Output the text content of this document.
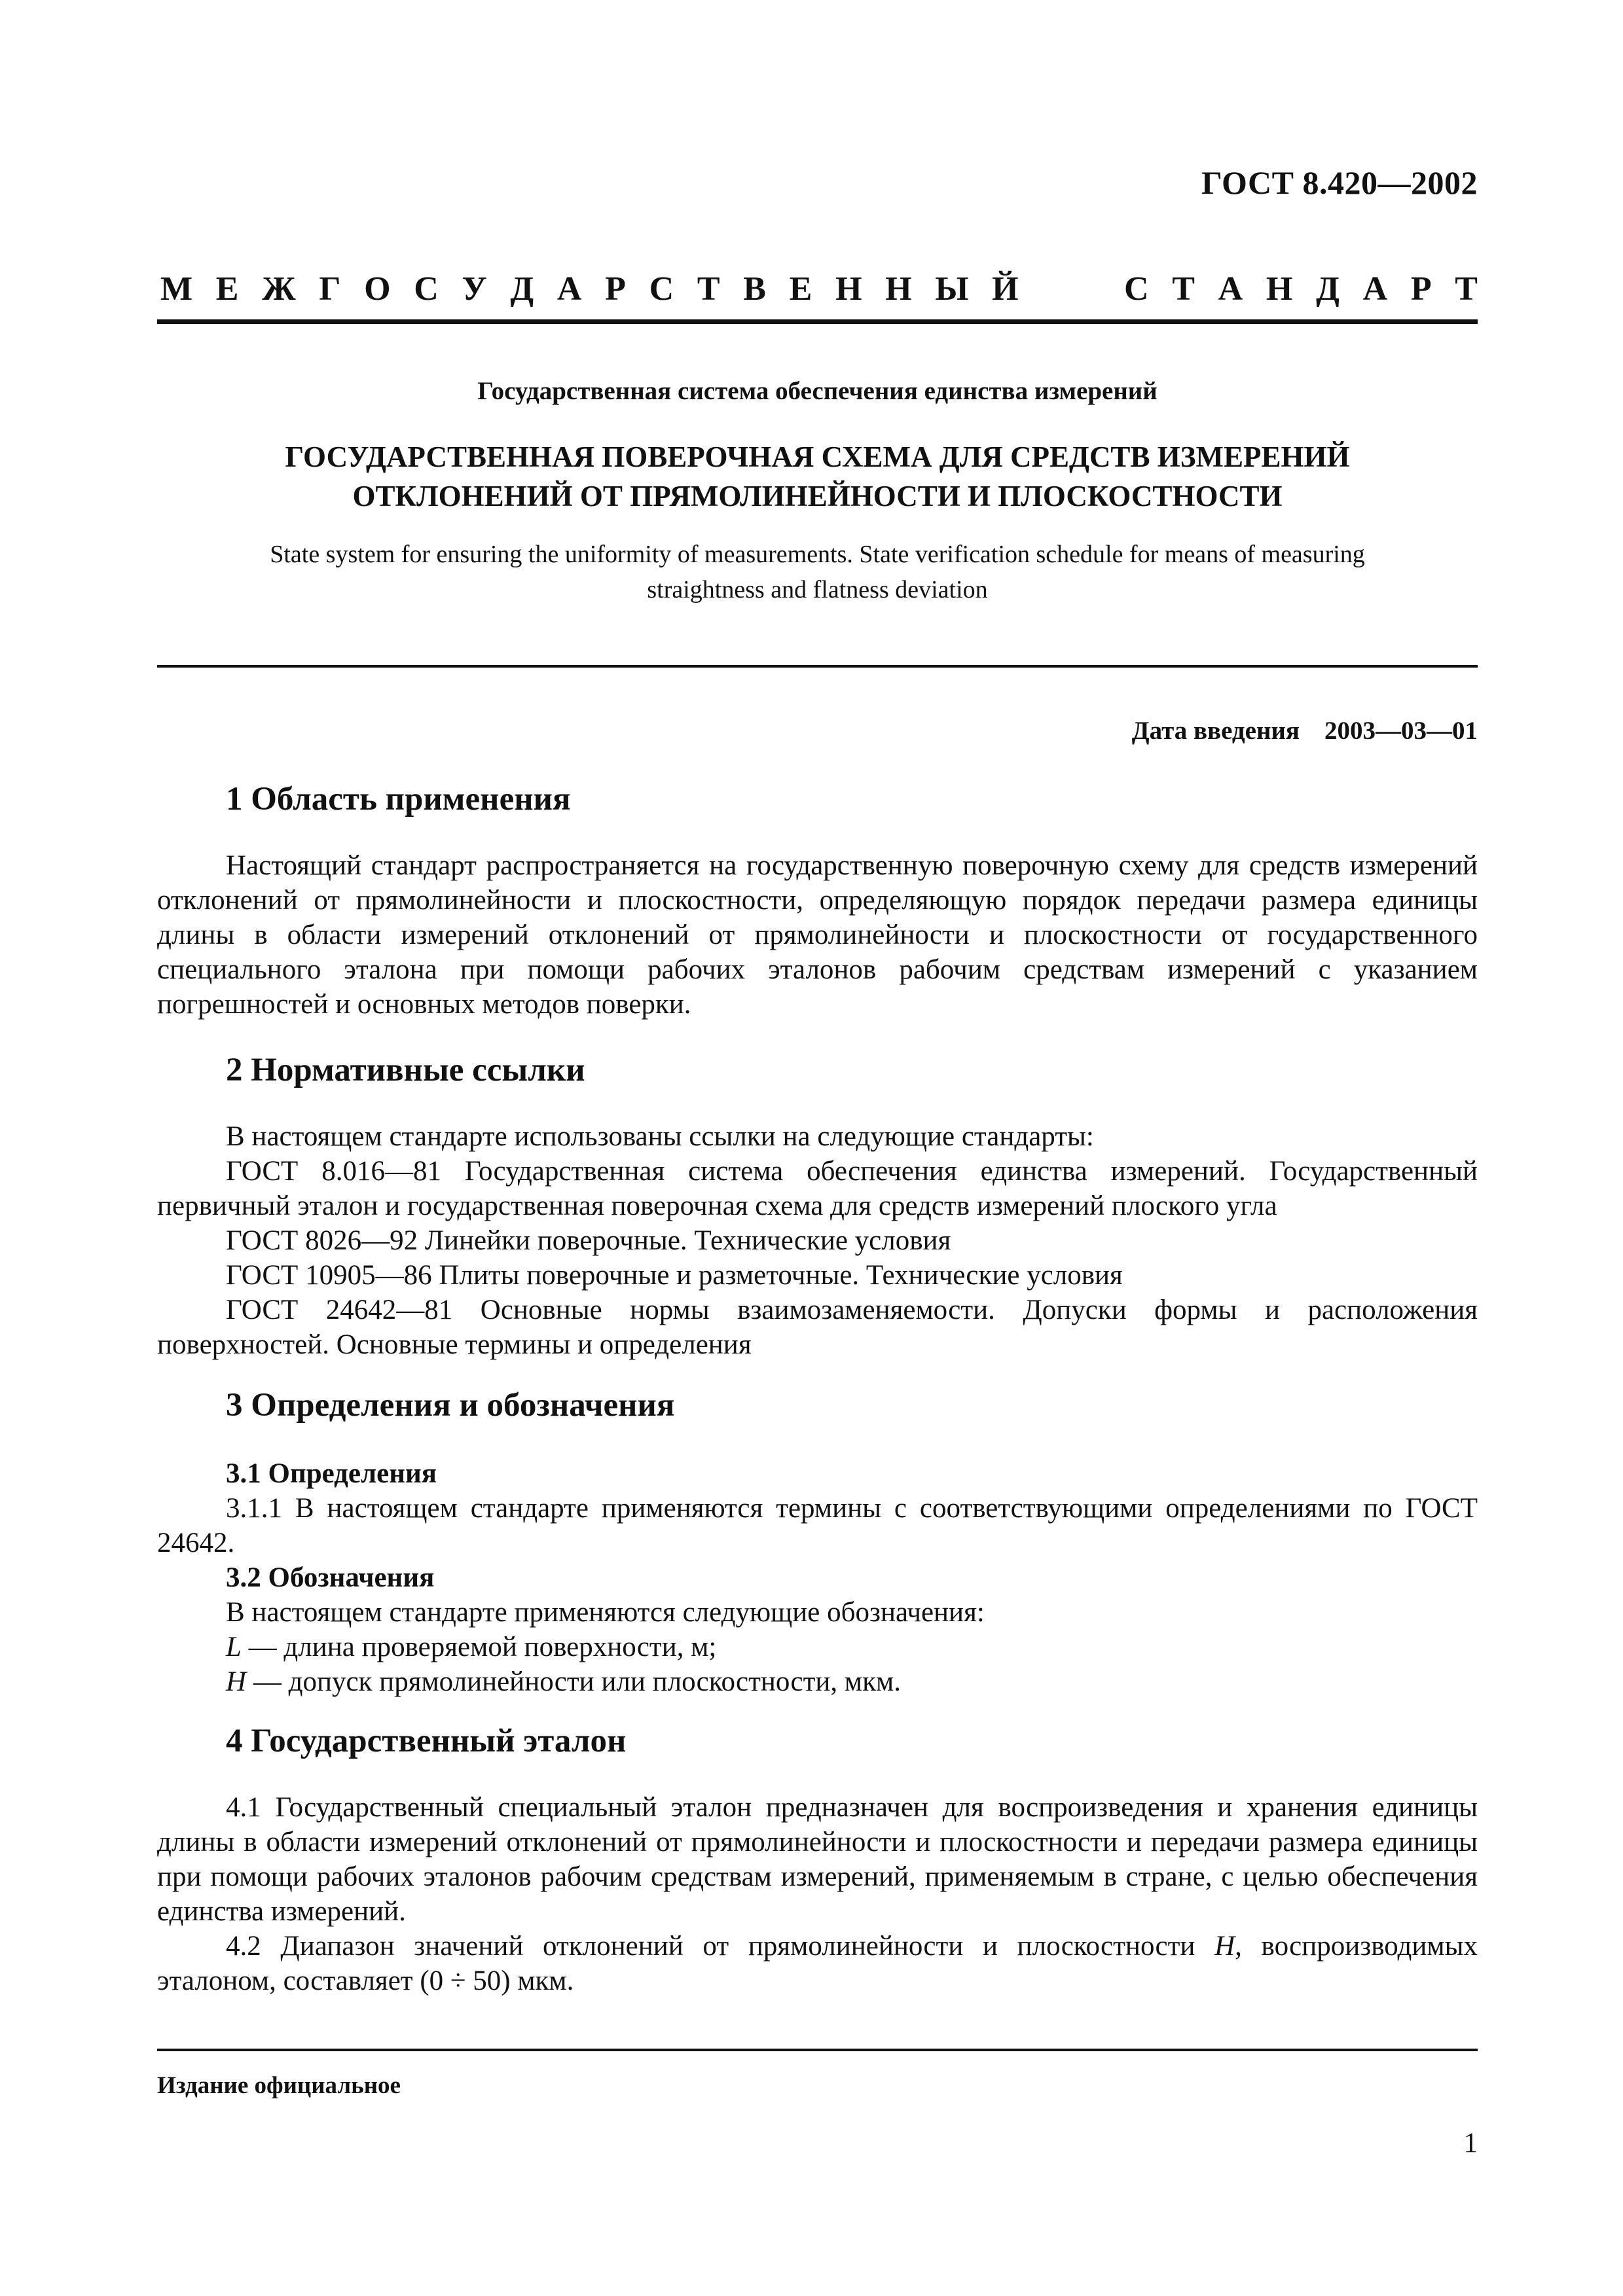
ГОСТ 8.420—2002
М Е Ж Г О С У Д А Р С Т В Е Н Н Ы Й	С Т А Н Д А Р Т
Государственная система обеспечения единства измерений
ГОСУДАРСТВЕННАЯ ПОВЕРОЧНАЯ СХЕМА ДЛЯ СРЕДСТВ ИЗМЕРЕНИЙ
ОТКЛОНЕНИЙ ОТ ПРЯМОЛИНЕЙНОСТИ И ПЛОСКОСТНОСТИ
State system for ensuring the uniformity of measurements. State verification schedule for means of measuring
straightness and flatness deviation
Дата введения 2003—03—01
1 Область применения

Настоящий стандарт распространяется на государственную поверочную схему для средств измерений отклонений от прямолинейности и плоскостности, определяющую порядок передачи размера единицы длины в области измерений отклонений от прямолинейности и плоскостности от государственного специального эталона при помощи рабочих эталонов рабочим средствам измерений с указанием погрешностей и основных методов поверки.

2 Нормативные ссылки

В настоящем стандарте использованы ссылки на следующие стандарты:

ГОСТ 8.016—81 Государственная система обеспечения единства измерений. Государственный первичный эталон и государственная поверочная схема для средств измерений плоского угла

ГОСТ 8026—92 Линейки поверочные. Технические условия

ГОСТ 10905—86 Плиты поверочные и разметочные. Технические условия

ГОСТ 24642—81 Основные нормы взаимозаменяемости. Допуски формы и расположения поверхностей. Основные термины и определения

3 Определения и обозначения

3.1 Определения

3.1.1 В настоящем стандарте применяются термины с соответствующими определениями по ГОСТ 24642.

3.2 Обозначения

В настоящем стандарте применяются следующие обозначения:

L — длина проверяемой поверхности, м;

H — допуск прямолинейности или плоскостности, мкм.

4 Государственный эталон

4.1 Государственный специальный эталон предназначен для воспроизведения и хранения единицы длины в области измерений отклонений от прямолинейности и плоскостности и передачи размера единицы при помощи рабочих эталонов рабочим средствам измерений, применяемым в стране, с целью обеспечения единства измерений.

4.2 Диапазон значений отклонений от прямолинейности и плоскостности H, воспроизводимых эталоном, составляет (0 ÷ 50) мкм.

Издание официальное
1
